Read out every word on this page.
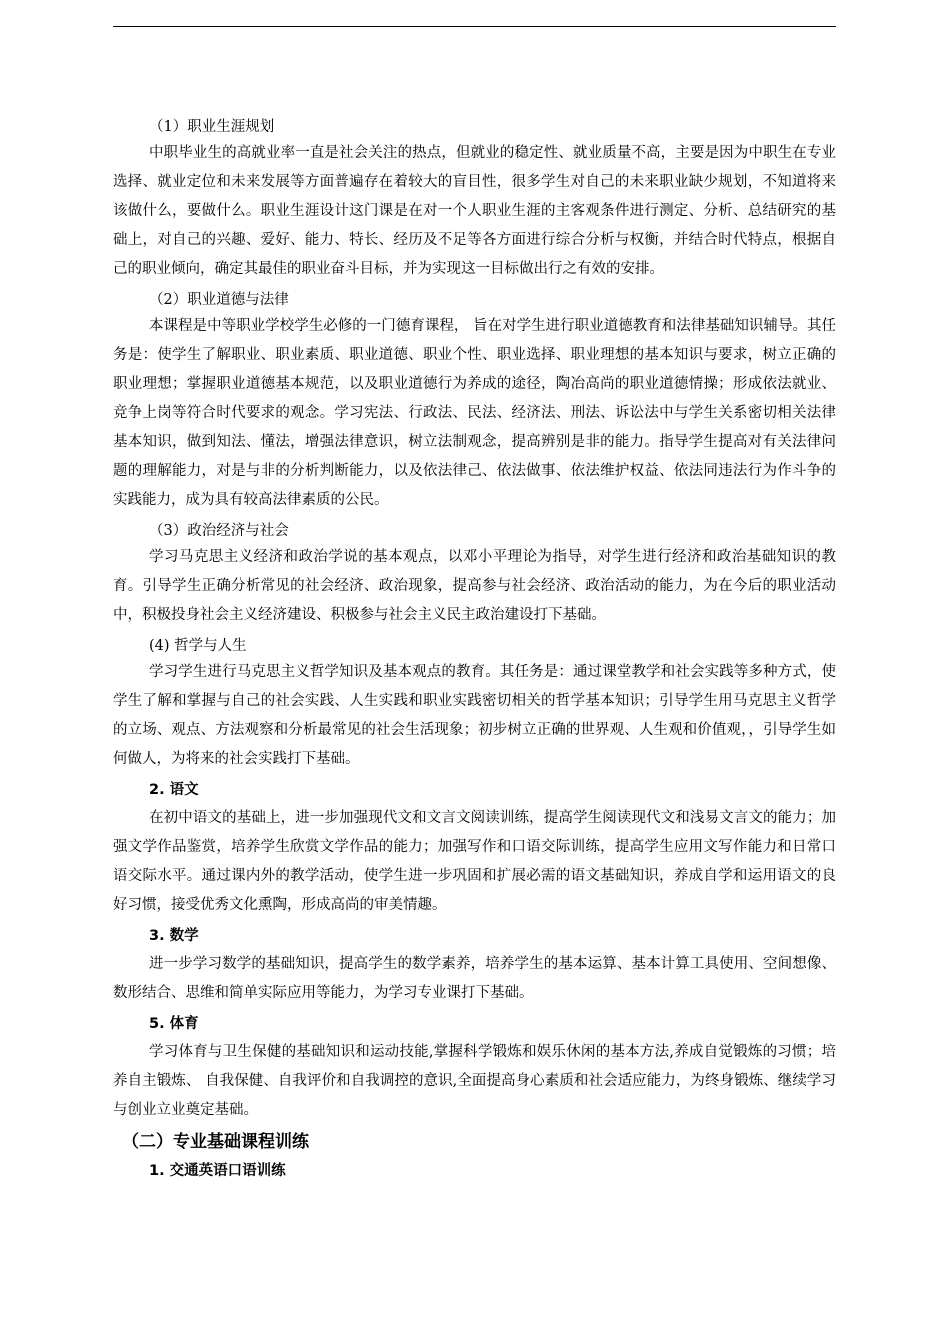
（1）职业生涯规划
中职毕业生的高就业率一直是社会关注的热点，但就业的稳定性、就业质量不高，主要是因为中职生在专业选择、就业定位和未来发展等方面普遍存在着较大的盲目性，很多学生对自己的未来职业缺少规划，不知道将来该做什么，要做什么。职业生涯设计这门课是在对一个人职业生涯的主客观条件进行测定、分析、总结研究的基础上，对自己的兴趣、爱好、能力、特长、经历及不足等各方面进行综合分析与权衡，并结合时代特点，根据自己的职业倾向，确定其最佳的职业奋斗目标，并为实现这一目标做出行之有效的安排。
（2）职业道德与法律
本课程是中等职业学校学生必修的一门德育课程， 旨在对学生进行职业道德教育和法律基础知识辅导。其任务是：使学生了解职业、职业素质、职业道德、职业个性、职业选择、职业理想的基本知识与要求，树立正确的职业理想；掌握职业道德基本规范，以及职业道德行为养成的途径，陶冶高尚的职业道德情操；形成依法就业、竞争上岗等符合时代要求的观念。学习宪法、行政法、民法、经济法、刑法、诉讼法中与学生关系密切相关法律基本知识，做到知法、懂法，增强法律意识，树立法制观念，提高辨别是非的能力。指导学生提高对有关法律问题的理解能力，对是与非的分析判断能力，以及依法律己、依法做事、依法维护权益、依法同违法行为作斗争的实践能力，成为具有较高法律素质的公民。
（3）政治经济与社会
学习马克思主义经济和政治学说的基本观点，以邓小平理论为指导，对学生进行经济和政治基础知识的教育。引导学生正确分析常见的社会经济、政治现象，提高参与社会经济、政治活动的能力，为在今后的职业活动中，积极投身社会主义经济建设、积极参与社会主义民主政治建设打下基础。
(4) 哲学与人生
学习学生进行马克思主义哲学知识及基本观点的教育。其任务是：通过课堂教学和社会实践等多种方式，使学生了解和掌握与自己的社会实践、人生实践和职业实践密切相关的哲学基本知识；引导学生用马克思主义哲学的立场、观点、方法观察和分析最常见的社会生活现象；初步树立正确的世界观、人生观和价值观，，引导学生如何做人，为将来的社会实践打下基础。
2. 语文
在初中语文的基础上，进一步加强现代文和文言文阅读训练，提高学生阅读现代文和浅易文言文的能力；加强文学作品鉴赏，培养学生欣赏文学作品的能力；加强写作和口语交际训练，提高学生应用文写作能力和日常口语交际水平。通过课内外的教学活动，使学生进一步巩固和扩展必需的语文基础知识，养成自学和运用语文的良好习惯，接受优秀文化熏陶，形成高尚的审美情趣。
3. 数学
进一步学习数学的基础知识，提高学生的数学素养，培养学生的基本运算、基本计算工具使用、空间想像、数形结合、思维和简单实际应用等能力，为学习专业课打下基础。
5. 体育
学习体育与卫生保健的基础知识和运动技能,掌握科学锻炼和娱乐休闲的基本方法,养成自觉锻炼的习惯；培养自主锻炼、 自我保健、自我评价和自我调控的意识,全面提高身心素质和社会适应能力，为终身锻炼、继续学习与创业立业奠定基础。
（二）专业基础课程训练
1. 交通英语口语训练
